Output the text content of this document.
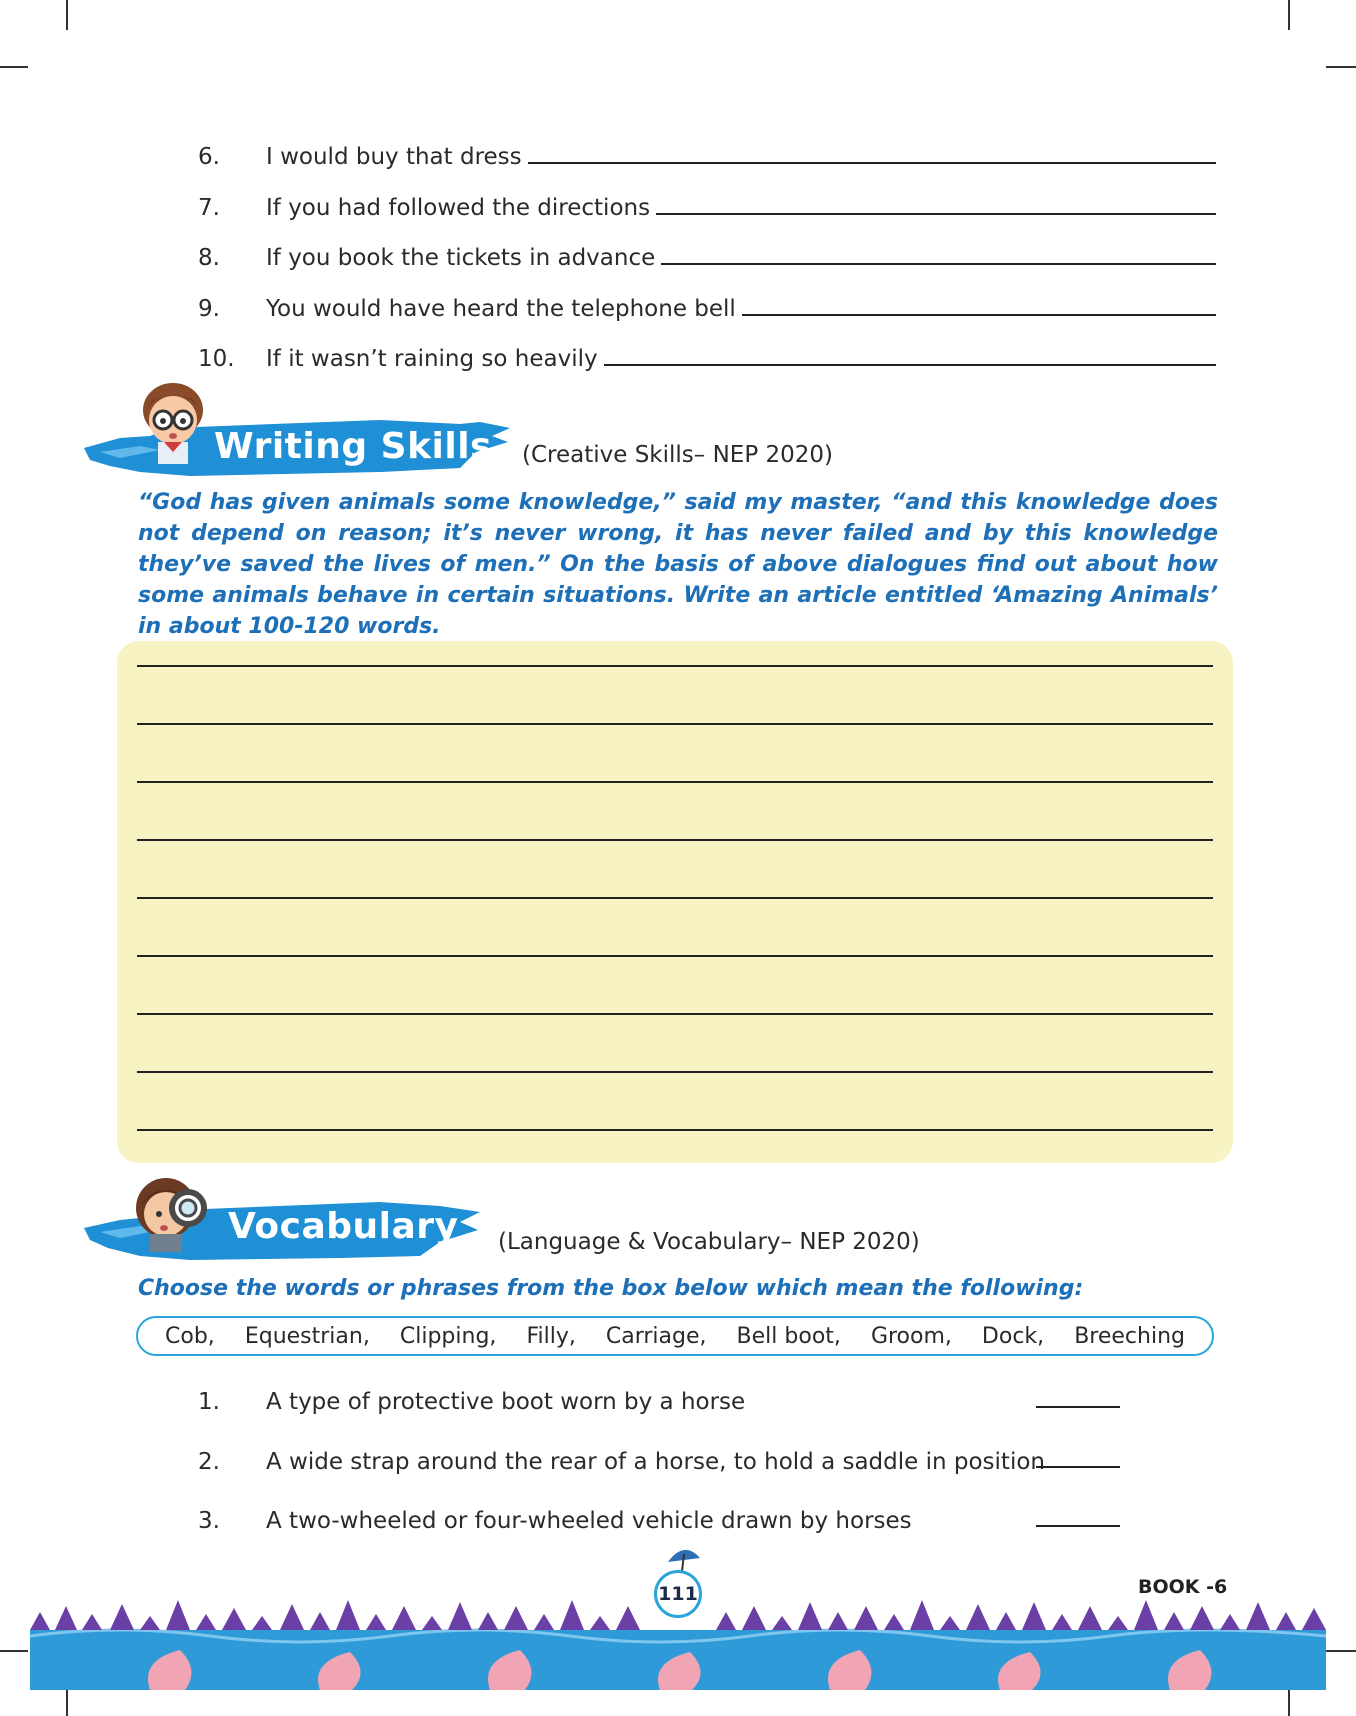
6.	I would buy that dress
7.	If you had followed the directions
8.	If you book the tickets in advance
9.	You would have heard the telephone bell
10.	If it wasn’t raining so heavily
Writing Skills (Creative Skills– NEP 2020)
“God has given animals some knowledge,” said my master, “and this knowledge does not depend on reason; it’s never wrong, it has never failed and by this knowledge they’ve saved the lives of men.” On the basis of above dialogues find out about how some animals behave in certain situations. Write an article entitled ‘Amazing Animals’ in about 100-120 words.
Vocabulary (Language & Vocabulary– NEP 2020)
Choose the words or phrases from the box below which mean the following:
Cob, Equestrian, Clipping, Filly, Carriage, Bell boot, Groom, Dock, Breeching
1.	A type of protective boot worn by a horse
2.	A wide strap around the rear of a horse, to hold a saddle in position
3.	A two-wheeled or four-wheeled vehicle drawn by horses
111	BOOK -6
